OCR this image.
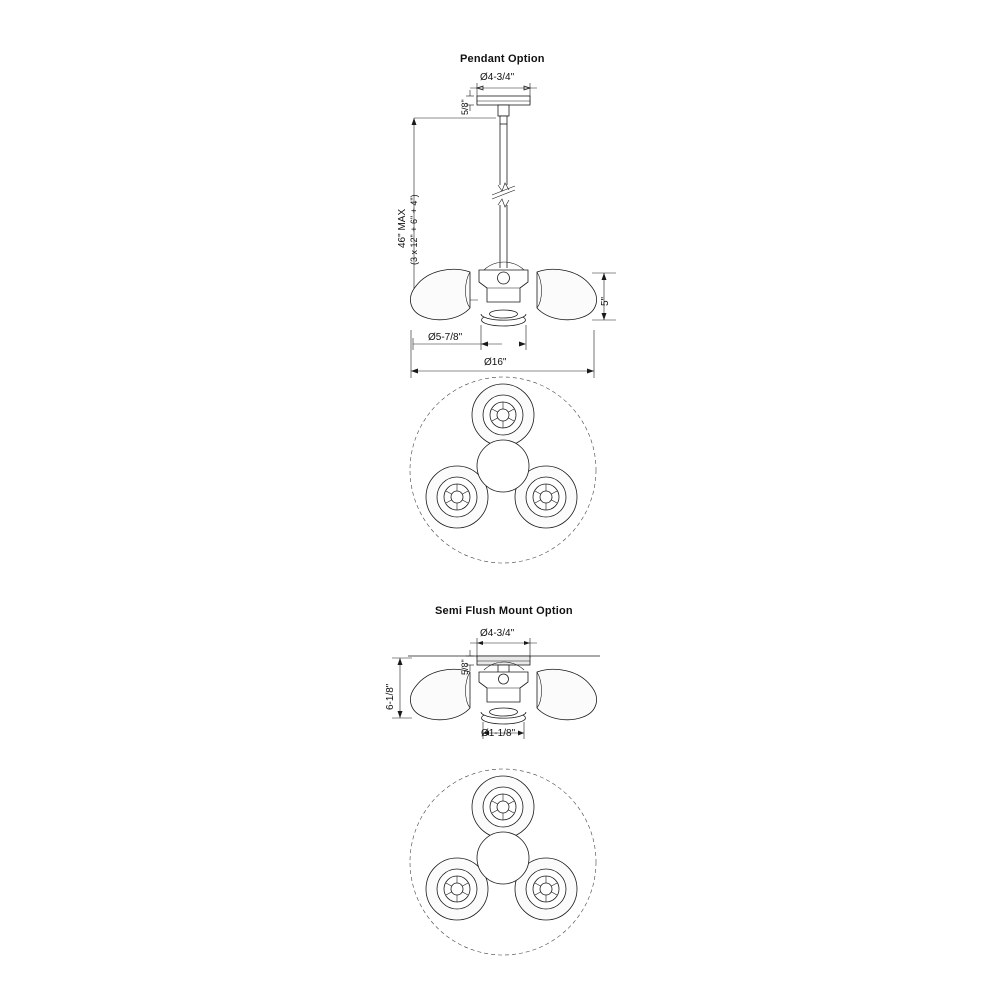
Pendant Option
Ø4-3/4"
5/8"
46" MAX (3 x 12" + 6" + 4")
5"
Ø5-7/8"
Ø16"
Semi Flush Mount Option
Ø4-3/4"
5/8"
6-1/8"
Ø1-1/8"
